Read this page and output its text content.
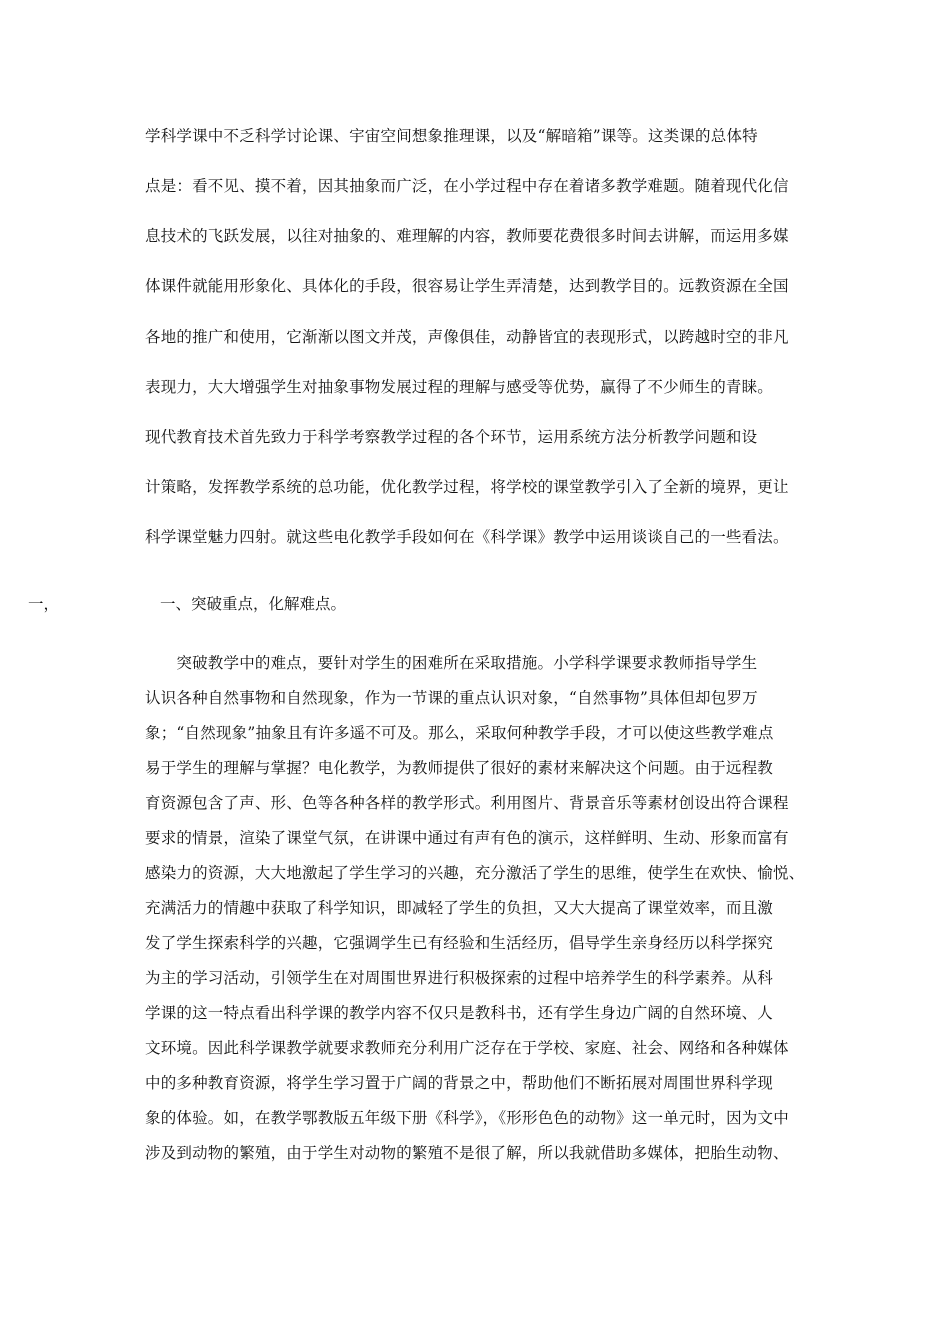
学科学课中不乏科学讨论课、宇宙空间想象推理课，以及“解暗箱”课等。这类课的总体特
点是：看不见、摸不着，因其抽象而广泛，在小学过程中存在着诸多教学难题。随着现代化信
息技术的飞跃发展，以往对抽象的、难理解的内容，教师要花费很多时间去讲解，而运用多媒
体课件就能用形象化、具体化的手段，很容易让学生弄清楚，达到教学目的。远教资源在全国
各地的推广和使用，它渐渐以图文并茂，声像俱佳，动静皆宜的表现形式，以跨越时空的非凡
表现力，大大增强学生对抽象事物发展过程的理解与感受等优势，赢得了不少师生的青睐。
现代教育技术首先致力于科学考察教学过程的各个环节，运用系统方法分析教学问题和设
计策略，发挥教学系统的总功能，优化教学过程，将学校的课堂教学引入了全新的境界，更让
科学课堂魅力四射。就这些电化教学手段如何在《科学课》教学中运用谈谈自己的一些看法。
一，	一、突破重点，化解难点。
　　突破教学中的难点，要针对学生的困难所在采取措施。小学科学课要求教师指导学生
认识各种自然事物和自然现象，作为一节课的重点认识对象，“自然事物”具体但却包罗万
象；“自然现象”抽象且有许多遥不可及。那么，采取何种教学手段，才可以使这些教学难点
易于学生的理解与掌握？电化教学，为教师提供了很好的素材来解决这个问题。由于远程教
育资源包含了声、形、色等各种各样的教学形式。利用图片、背景音乐等素材创设出符合课程
要求的情景，渲染了课堂气氛，在讲课中通过有声有色的演示，这样鲜明、生动、形象而富有
感染力的资源，大大地激起了学生学习的兴趣，充分激活了学生的思维，使学生在欢快、愉悦、
充满活力的情趣中获取了科学知识，即减轻了学生的负担，又大大提高了课堂效率，而且激
发了学生探索科学的兴趣，它强调学生已有经验和生活经历，倡导学生亲身经历以科学探究
为主的学习活动，引领学生在对周围世界进行积极探索的过程中培养学生的科学素养。从科
学课的这一特点看出科学课的教学内容不仅只是教科书，还有学生身边广阔的自然环境、人
文环境。因此科学课教学就要求教师充分利用广泛存在于学校、家庭、社会、网络和各种媒体
中的多种教育资源，将学生学习置于广阔的背景之中，帮助他们不断拓展对周围世界科学现
象的体验。如，在教学鄂教版五年级下册《科学》，《形形色色的动物》这一单元时，因为文中
涉及到动物的繁殖，由于学生对动物的繁殖不是很了解，所以我就借助多媒体，把胎生动物、
